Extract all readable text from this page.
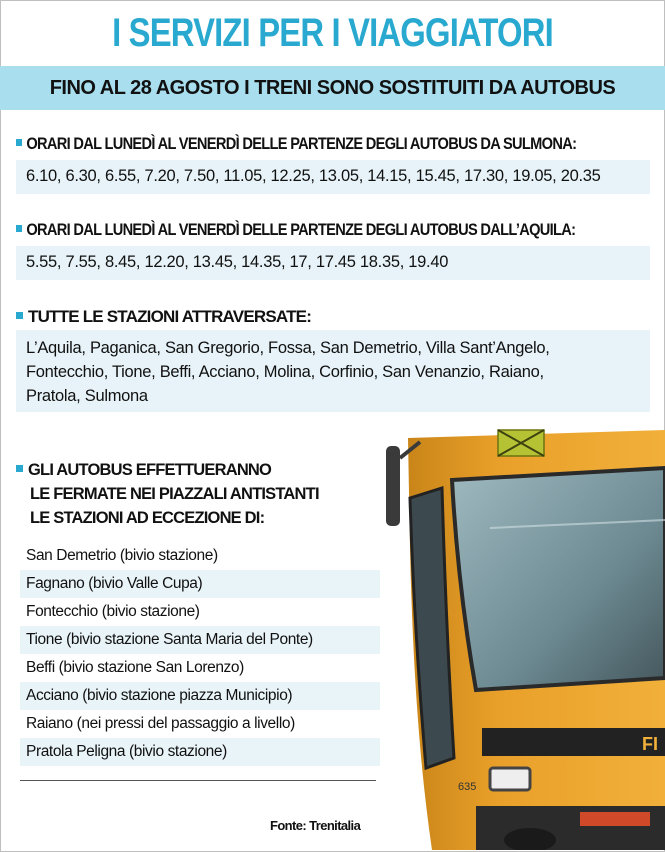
I SERVIZI PER I VIAGGIATORI
FINO AL 28 AGOSTO I TRENI SONO SOSTITUITI DA AUTOBUS
ORARI DAL LUNEDÌ AL VENERDÌ DELLE PARTENZE DEGLI AUTOBUS DA SULMONA:
6.10, 6.30, 6.55, 7.20, 7.50, 11.05, 12.25, 13.05, 14.15, 15.45, 17.30, 19.05, 20.35
ORARI DAL LUNEDÌ AL VENERDÌ DELLE PARTENZE DEGLI AUTOBUS DALL’AQUILA:
5.55, 7.55, 8.45, 12.20, 13.45, 14.35, 17, 17.45 18.35, 19.40
TUTTE LE STAZIONI ATTRAVERSATE:
L’Aquila, Paganica, San Gregorio, Fossa, San Demetrio, Villa Sant’Angelo,
Fontecchio, Tione, Beffi, Acciano, Molina, Corfinio, San Venanzio, Raiano,
Pratola, Sulmona
FI
635
GLI AUTOBUS EFFETTUERANNO
LE FERMATE NEI PIAZZALI ANTISTANTI
LE STAZIONI AD ECCEZIONE DI:
San Demetrio (bivio stazione)
Fagnano (bivio Valle Cupa)
Fontecchio (bivio stazione)
Tione (bivio stazione Santa Maria del Ponte)
Beffi (bivio stazione San Lorenzo)
Acciano (bivio stazione piazza Municipio)
Raiano (nei pressi del passaggio a livello)
Pratola Peligna (bivio stazione)
Fonte: Trenitalia
